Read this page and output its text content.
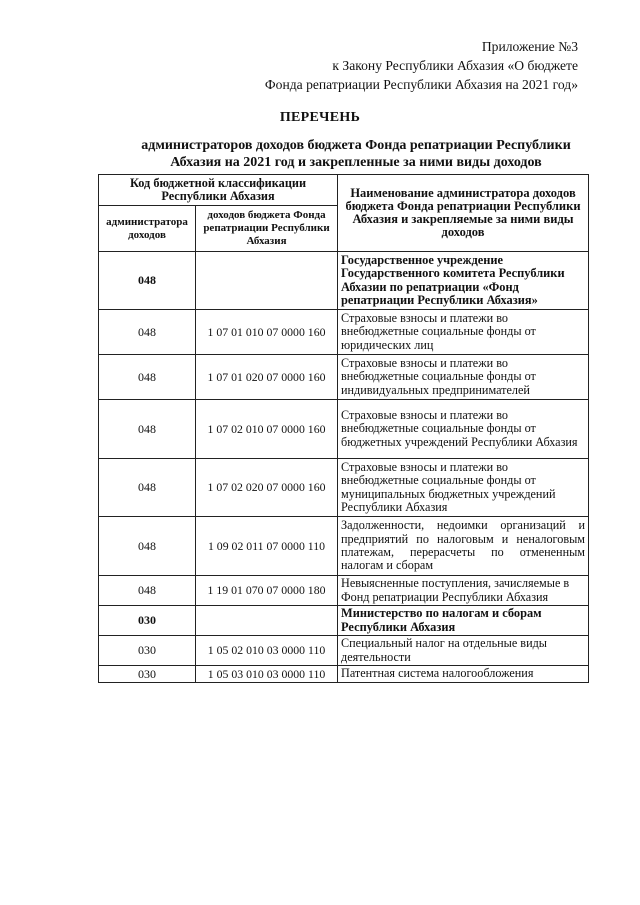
Приложение №3
к Закону Республики Абхазия «О бюджете
Фонда репатриации Республики Абхазия на 2021 год»
ПЕРЕЧЕНЬ
администраторов доходов бюджета Фонда репатриации Республики
Абхазия на 2021 год и закрепленные за ними виды доходов
Код бюджетной классификации Республики Абхазия		Наименование администратора доходов бюджета Фонда репатриации Республики Абхазия и закрепляемые за ними виды доходов
администратора доходов	доходов бюджета Фонда репатриации Республики Абхазия	
048		Государственное учреждение Государственного комитета Республики Абхазии по репатриации «Фонд репатриации Республики Абхазия»
048	1 07 01 010 07 0000 160	Страховые взносы и платежи во внебюджетные социальные фонды от юридических лиц
048	1 07 01 020 07 0000 160	Страховые взносы и платежи во внебюджетные социальные фонды от индивидуальных предпринимателей
048	1 07 02 010 07 0000 160	Страховые взносы и платежи во внебюджетные социальные фонды от бюджетных учреждений Республики Абхазия
048	1 07 02 020 07 0000 160	Страховые взносы и платежи во внебюджетные социальные фонды от муниципальных бюджетных учреждений Республики Абхазия
048	1 09 02 011 07 0000 110	Задолженности, недоимки организаций и предприятий по налоговым и неналоговым платежам, перерасчеты по отмененным налогам и сборам
048	1 19 01 070 07 0000 180	Невыясненные поступления, зачисляемые в Фонд репатриации Республики Абхазия
030		Министерство по налогам и сборам Республики Абхазия
030	1 05 02 010 03 0000 110	Специальный налог на отдельные виды деятельности
030	1 05 03 010 03 0000 110	Патентная система налогообложения
